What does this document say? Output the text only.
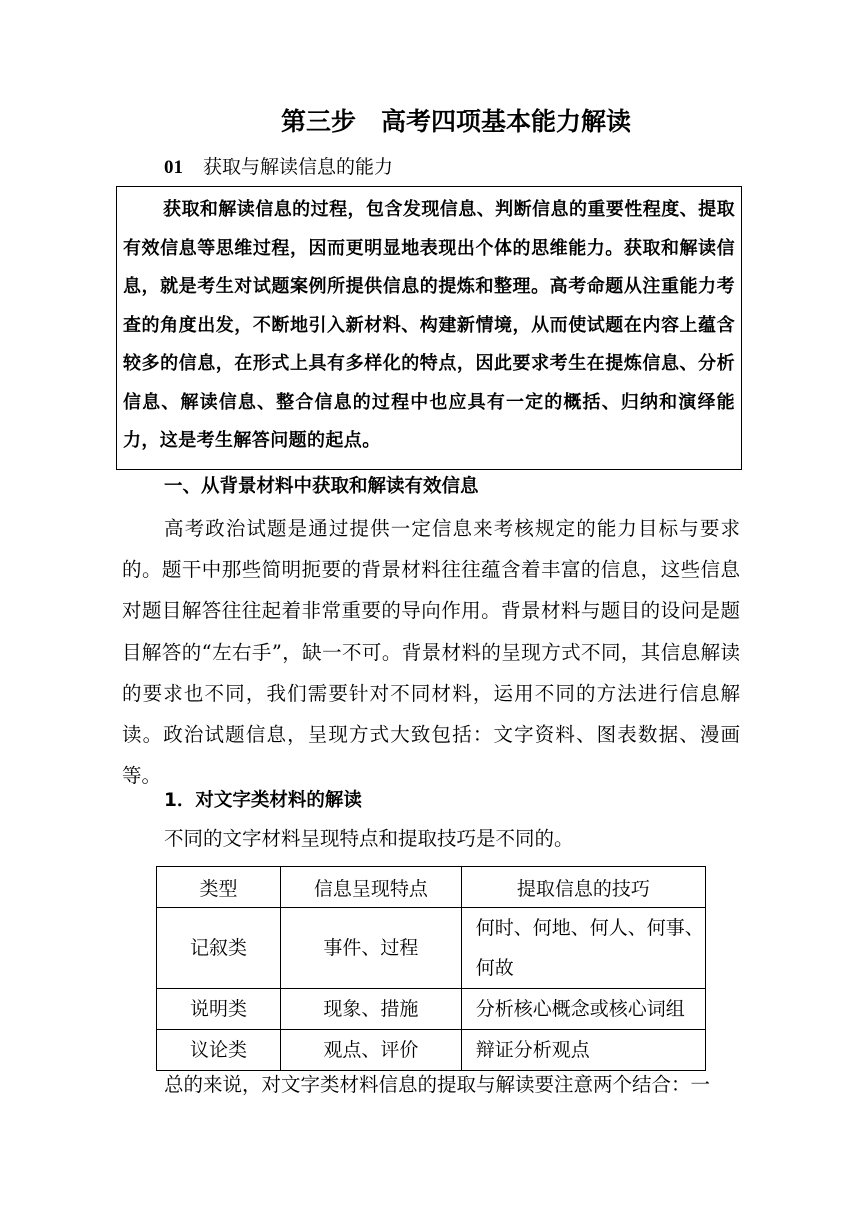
第三步　高考四项基本能力解读
01 获取与解读信息的能力

获取和解读信息的过程，包含发现信息、判断信息的重要性程度、提取有效信息等思维过程，因而更明显地表现出个体的思维能力。获取和解读信息，就是考生对试题案例所提供信息的提炼和整理。高考命题从注重能力考查的角度出发，不断地引入新材料、构建新情境，从而使试题在内容上蕴含较多的信息，在形式上具有多样化的特点，因此要求考生在提炼信息、分析信息、解读信息、整合信息的过程中也应具有一定的概括、归纳和演绎能力，这是考生解答问题的起点。

一、从背景材料中获取和解读有效信息

高考政治试题是通过提供一定信息来考核规定的能力目标与要求的。题干中那些简明扼要的背景材料往往蕴含着丰富的信息，这些信息对题目解答往往起着非常重要的导向作用。背景材料与题目的设问是题目解答的“左右手”，缺一不可。背景材料的呈现方式不同，其信息解读的要求也不同，我们需要针对不同材料，运用不同的方法进行信息解读。政治试题信息，呈现方式大致包括：文字资料、图表数据、漫画等。

1．对文字类材料的解读
不同的文字材料呈现特点和提取技巧是不同的。
类型	信息呈现特点	提取信息的技巧
记叙类	事件、过程	何时、何地、何人、何事、何故
说明类	现象、措施	分析核心概念或核心词组
议论类	观点、评价	辩证分析观点
总的来说，对文字类材料信息的提取与解读要注意两个结合：一
